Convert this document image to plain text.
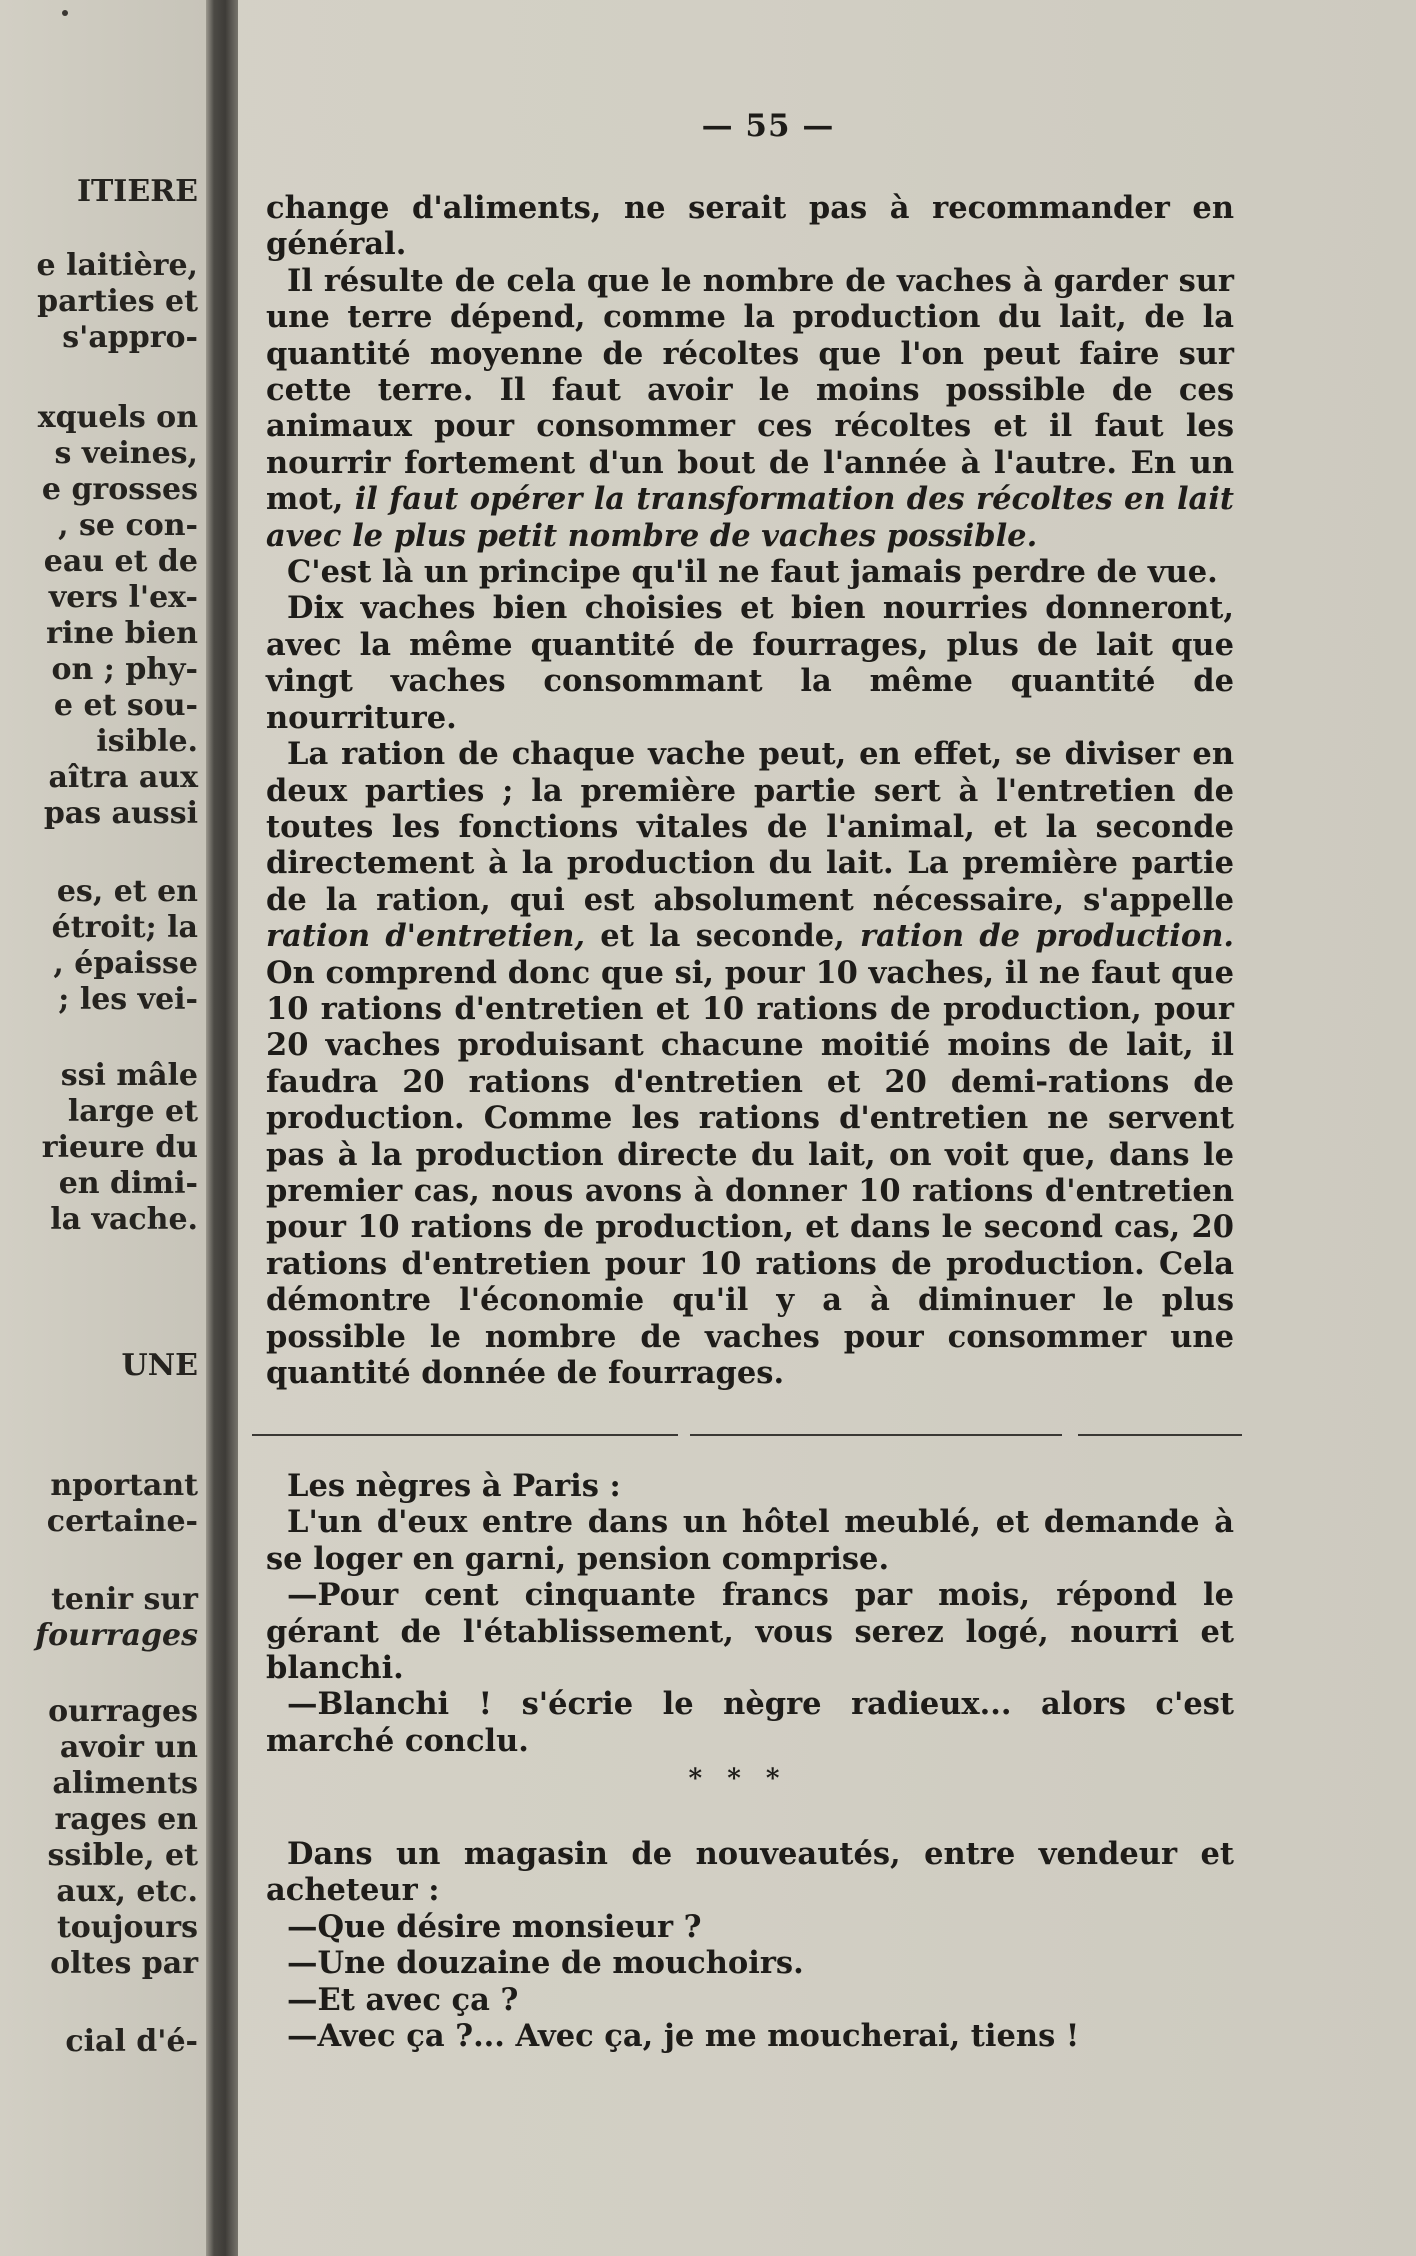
ITIERE
e laitière,
parties et
s'appro-
xquels on
s veines,
e grosses
, se con-
eau et de
vers l'ex-
rine bien
on ; phy-
e et sou-
isible.
aîtra aux
pas aussi
es, et en
étroit; la
, épaisse
; les vei-
ssi mâle
large et
rieure du
en dimi-
la vache.
UNE
nportant
certaine-
tenir sur
fourrages
ourrages
avoir un
aliments
rages en
ssible, et
aux, etc.
toujours
oltes par
cial d'é-
— 55 —

change d'aliments, ne serait pas à recommander en général.

Il résulte de cela que le nombre de vaches à garder sur une terre dépend, comme la production du lait, de la quantité moyenne de récoltes que l'on peut faire sur cette terre. Il faut avoir le moins possible de ces animaux pour consommer ces récoltes et il faut les nourrir fortement d'un bout de l'année à l'autre. En un mot, il faut opérer la transformation des récoltes en lait avec le plus petit nombre de vaches possible.

C'est là un principe qu'il ne faut jamais perdre de vue.

Dix vaches bien choisies et bien nourries donneront, avec la même quantité de fourrages, plus de lait que vingt vaches consommant la même quantité de nourriture.

La ration de chaque vache peut, en effet, se diviser en deux parties ; la première partie sert à l'entretien de toutes les fonctions vitales de l'animal, et la seconde directement à la production du lait. La première partie de la ration, qui est absolument nécessaire, s'appelle ration d'entretien, et la seconde, ration de production. On comprend donc que si, pour 10 vaches, il ne faut que 10 rations d'entretien et 10 rations de production, pour 20 vaches produisant chacune moitié moins de lait, il faudra 20 rations d'entretien et 20 demi-rations de production. Comme les rations d'entretien ne servent pas à la production directe du lait, on voit que, dans le premier cas, nous avons à donner 10 rations d'entretien pour 10 rations de production, et dans le second cas, 20 rations d'entretien pour 10 rations de production. Cela démontre l'économie qu'il y a à diminuer le plus possible le nombre de vaches pour consommer une quantité donnée de fourrages.

Les nègres à Paris :

L'un d'eux entre dans un hôtel meublé, et demande à se loger en garni, pension comprise.

—Pour cent cinquante francs par mois, répond le gérant de l'établissement, vous serez logé, nourri et blanchi.

—Blanchi ! s'écrie le nègre radieux... alors c'est marché conclu.

* * *

Dans un magasin de nouveautés, entre vendeur et acheteur :

—Que désire monsieur ?

—Une douzaine de mouchoirs.

—Et avec ça ?

—Avec ça ?... Avec ça, je me moucherai, tiens !
